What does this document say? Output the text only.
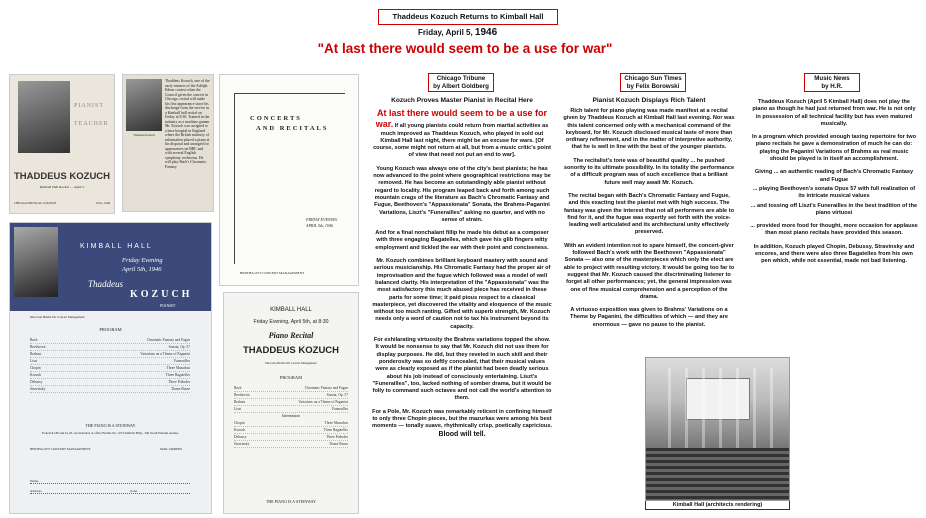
Thaddeus Kozuch Returns to Kimball Hall
Friday, April 5, 1946
"At last there would seem to be a use for war"
PIANIST TEACHER
THADDEUS KOZUCH
Kimball Hall Recital — April 5
CHICAGO MUSICAL COLLEGE	Price, 1946
Thaddeus Kozuch
Thaddeus Kozuch, one of the early winners of the Adolph Edens contest when the Council given the concert in Chicago, recital will make his first appearance since his discharge from the service in a Kimball hall recital on Friday at 8:30. Trained in the industry as a machine gunner Mr. Kozuch was assigned to a base hospital in England where the British ministry of information placed a piano at his disposal and arranged for appearances on BBC and with several English symphony orchestras. He will play Bach's Chromatic Fantasy
CONCERTS
AND RECITALS
FRIDAY EVENING
APRIL 5th, 1946
BERTHA OTT CONCERT MANAGEMENT
KIMBALL HALL
Friday Evening
April 5th, 1946
Thaddeus
KOZUCH
PIANIST
Direction Bertha Ott Concert Management
PROGRAM
Bach	Chromatic Fantasy and Fugue
Beethoven	Sonata, Op. 57
Brahms	Variations on a Theme of Paganini
Liszt	Funerailles
Chopin	Three Mazurkas
Kozuch	Three Bagatelles
Debussy	Three Preludes
Stravinsky	Danse Russe
THE PIANO IS A STEINWAY
Tickets $1.80 and $1.20, tax included, at office Bertha Ott, 1223 Kimball Bldg., 306 South Wabash Avenue
BERTHA OTT CONCERT MANAGEMENT	MAIL ORDERS
Name
Address	Zone
KIMBALL HALL
Friday Evening, April 5th, at 8:30
Piano Recital
THADDEUS KOZUCH
Direction Bertha Ott Concert Management
PROGRAM
Bach	Chromatic Fantasy and Fugue
Beethoven	Sonata, Op. 57
Brahms	Variations on a Theme of Paganini
Liszt	Funerailles
Intermission
Chopin	Three Mazurkas
Kozuch	Three Bagatelles
Debussy	Three Preludes
Stravinsky	Danse Russe
THE PIANO IS A STEINWAY
Chicago Tribune
by Albert Goldberg
Kozuch Proves Master Pianist in Recital Here

At last there would seem to be a use for war. If all young pianists could return from martial activities as much improved as Thaddeus Kozuch, who played in sold out Kimball Hall last night, there might be an excuse for wars. [Of course, some might not return at all, but from a music critic's point of view that need not put an end to war].

Young Kozuch was always one of the city's best pianists; he has now advanced to the point where geographical restrictions may be removed. He has become an outstandingly able pianist without regard to locality. His program leaped back and forth among such mountain crags of the literature as Bach's Chromatic Fantasy and Fugue, Beethoven's "Appassionata" Sonata, the Brahms-Paganini Variations, Liszt's "Funerailles" asking no quarter, and with no sense of strain.

And for a final nonchalant fillip he made his debut as a composer with three engaging Bagatelles, which gave his glib fingers witty employment and tickled the ear with their point and conciseness.

Mr. Kozuch combines brilliant keyboard mastery with sound and serious musicianship. His Chromatic Fantasy had the proper air of improvisation and the fugue which followed was a model of well balanced clarity. His interpretation of the "Appassionata" was the most satisfactory this much abused piece has received in these parts for some time; it paid pious respect to a classical masterpiece, yet discovered the vitality and eloquence of the music without too much ranting. Gifted with superb strength, Mr. Kozuch needs only a word of caution not to tax his instrument beyond its capacity.

For exhilarating virtuosity the Brahms variations topped the show. It would be nonsense to say that Mr. Kozuch did not use them for display purposes. He did, but they reveled in such skill and their ponderosity was so deftly concealed, that their musical values were as clearly exposed as if the pianist had been deadly serious about his job instead of consciously entertaining. Liszt's "Funerailles", too, lacked nothing of somber drama, but it would be folly to command such octaves and not call the world's attention to them.

For a Pole, Mr. Kozuch was remarkably reticent in confining himself to only three Chopin pieces, but the mazurkas were among his best moments — tonally suave, rhythmically crisp, poetically capricious.
Blood will tell.

Chicago Sun Times
by Felix Borowski
Pianist Kozuch Displays Rich Talent

Rich talent for piano playing was made manifest at a recital given by Thaddeus Kozuch at Kimball Hall last evening. Nor was this talent concerned only with a mechanical command of the keyboard, for Mr. Kozuch disclosed musical taste of more than ordinary refinement, and in the matter of interpretive authority, that he is well in line with the best of the younger pianists.

The recitalist's tone was of beautiful quality ... he pushed sonority to its ultimate possibility. In its totality the performance of a difficult program was of such excellence that a brilliant future well may await Mr. Kozuch.

The recital began with Bach's Chromatic Fantasy and Fugue, and this exacting test the pianist met with high success. The fantasy was given the interest that not all performers are able to find for it, and the fugue was expertly set forth with the voice-leading well articulated and its architectural unity effectively preserved.

With an evident intention not to spare himself, the concert-giver followed Bach's work with the Beethoven "Appassionata" Sonata — also one of the masterpieces which only the elect are able to project with resulting victory. It would be going too far to suggest that Mr. Kozuch caused the discriminating listener to forget all other performances; yet, the general impression was one of fine musical comprehension and a perception of the drama.

A virtuoso exposition was given to Brahms' Variations on a Theme by Paganini, the difficulties of which — and they are enormous — gave no pause to the pianist.

Kimball Hall (architects rendering)
Music News
by H.R.

Thaddeus Kozuch (April 5 Kimball Hall) does not play the piano as though he had just returned from war. He is not only in possession of all technical facility but has even matured musically.

In a program which provided enough taxing repertoire for two piano recitals he gave a demonstration of much he can do: playing the Paganini Variations of Brahms as real music should be played is in itself an accomplishment.

Giving ... an authentic reading of Bach's Chromatic Fantasy and Fugue

... playing Beethoven's sonata Opus 57 with full realization of its intricate musical values

... and tossing off Liszt's Funerailles in the best tradition of the piano virtuosi

... provided more food for thought, more occasion for applause than most piano recitals have provided this season.

In addition, Kozuch played Chopin, Debussy, Stravinsky and encores, and there were also three Bagatelles from his own pen which, while not essential, made not bad listening.
